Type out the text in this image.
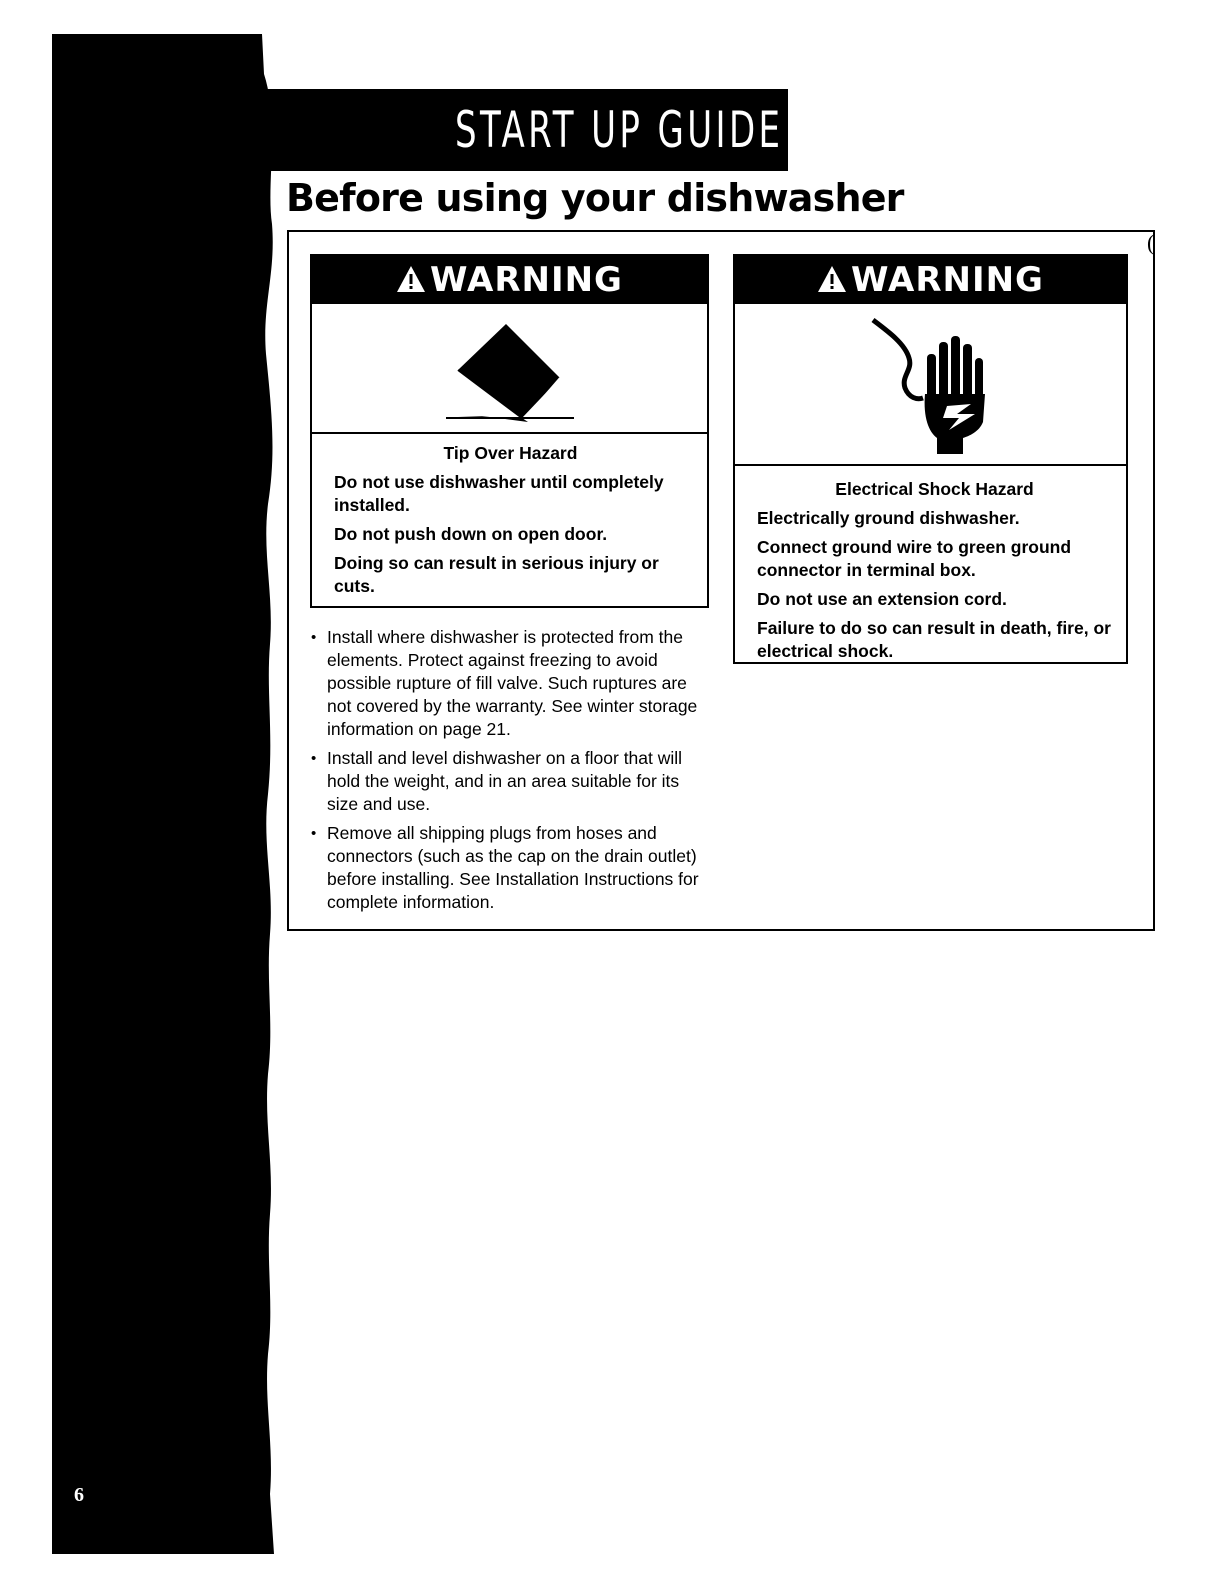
6
START UP GUIDE
Before using your dishwasher
(
WARNING

Tip Over Hazard

Do not use dishwasher until completely installed.

Do not push down on open door.

Doing so can result in serious injury or cuts.

WARNING

Electrical Shock Hazard

Electrically ground dishwasher.

Connect ground wire to green ground connector in terminal box.

Do not use an extension cord.

Failure to do so can result in death, fire, or electrical shock.

• Install where dishwasher is protected from the elements. Protect against freezing to avoid possible rupture of fill valve. Such ruptures are not covered by the warranty. See winter storage information on page 21.
• Install and level dishwasher on a floor that will hold the weight, and in an area suitable for its size and use.
• Remove all shipping plugs from hoses and connectors (such as the cap on the drain outlet) before installing. See Installation Instructions for complete information.
